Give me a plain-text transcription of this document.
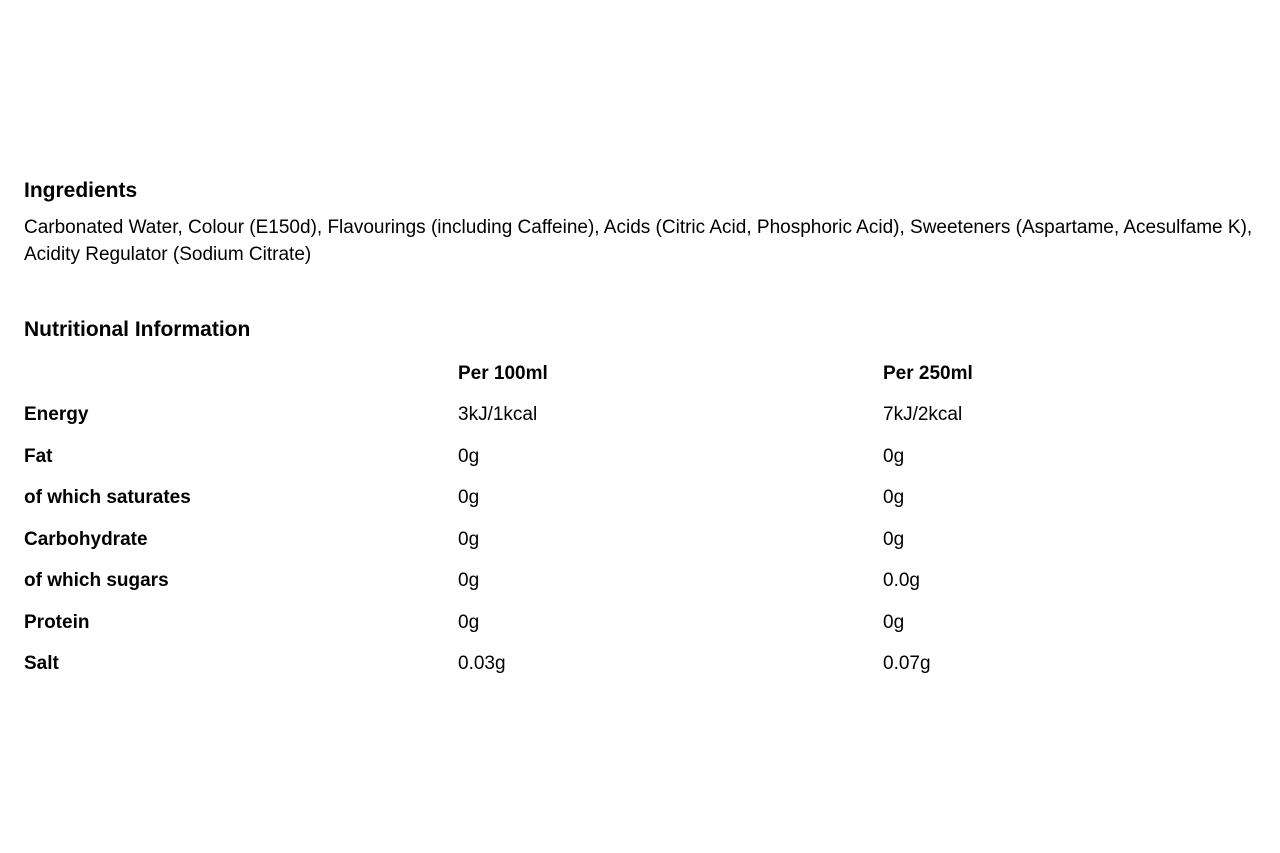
Ingredients

Carbonated Water, Colour (E150d), Flavourings (including Caffeine), Acids (Citric Acid, Phosphoric Acid), Sweeteners (Aspartame, Acesulfame K), Acidity Regulator (Sodium Citrate)

Nutritional Information
	Per 100ml	Per 250ml
Energy	3kJ/1kcal	7kJ/2kcal
Fat	0g	0g
of which saturates	0g	0g
Carbohydrate	0g	0g
of which sugars	0g	0.0g
Protein	0g	0g
Salt	0.03g	0.07g
